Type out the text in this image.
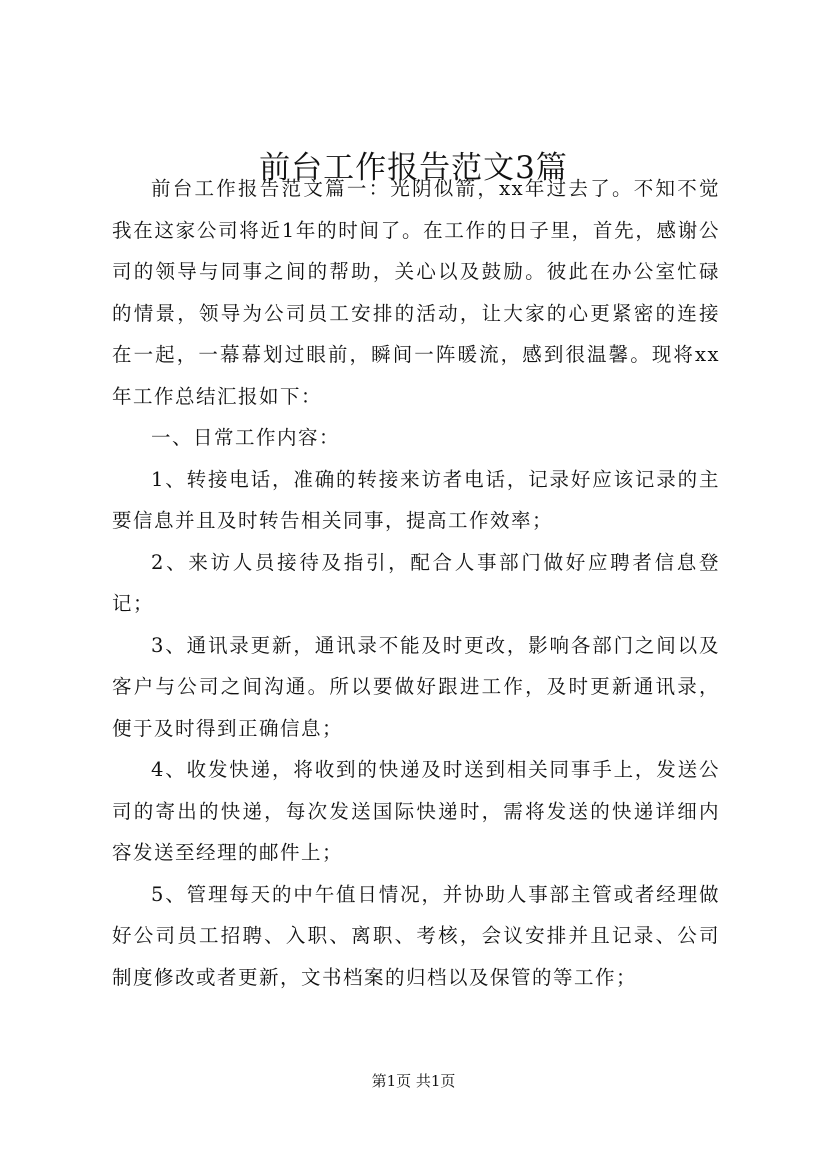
前台工作报告范文3篇

前台工作报告范文篇一：光阴似箭，xx年过去了。不知不觉我在这家公司将近1年的时间了。在工作的日子里，首先，感谢公司的领导与同事之间的帮助，关心以及鼓励。彼此在办公室忙碌的情景，领导为公司员工安排的活动，让大家的心更紧密的连接在一起，一幕幕划过眼前，瞬间一阵暖流，感到很温馨。现将xx年工作总结汇报如下：

一、日常工作内容：

1、转接电话，准确的转接来访者电话，记录好应该记录的主要信息并且及时转告相关同事，提高工作效率；

2、来访人员接待及指引，配合人事部门做好应聘者信息登记；

3、通讯录更新，通讯录不能及时更改，影响各部门之间以及客户与公司之间沟通。所以要做好跟进工作，及时更新通讯录，便于及时得到正确信息；

4、收发快递，将收到的快递及时送到相关同事手上，发送公司的寄出的快递，每次发送国际快递时，需将发送的快递详细内容发送至经理的邮件上；

5、管理每天的中午值日情况，并协助人事部主管或者经理做好公司员工招聘、入职、离职、考核，会议安排并且记录、公司制度修改或者更新，文书档案的归档以及保管的等工作；

第1页 共1页
